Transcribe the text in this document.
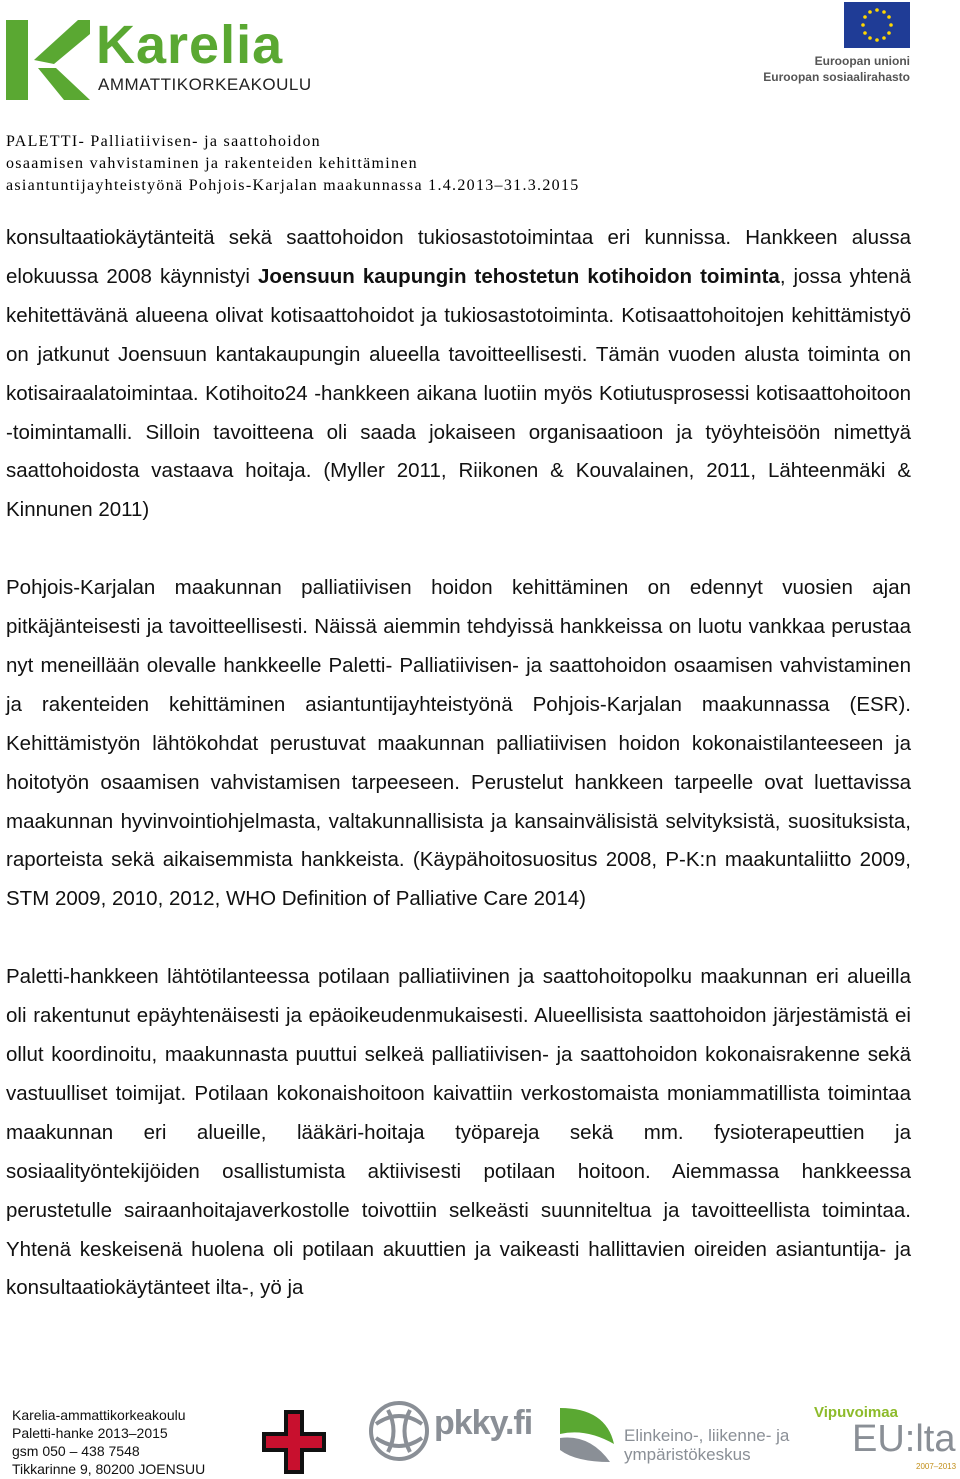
Karelia
AMMATTIKORKEAKOULU
Euroopan unioni
Euroopan sosiaalirahasto
PALETTI- Palliatiivisen- ja saattohoidon
osaamisen vahvistaminen ja rakenteiden kehittäminen
asiantuntijayhteistyönä Pohjois-Karjalan maakunnassa 1.4.2013–31.3.2015

konsultaatiokäytänteitä sekä saattohoidon tukiosastotoimintaa eri kunnissa. Hankkeen alussa elokuussa 2008 käynnistyi Joensuun kaupungin tehostetun kotihoidon toiminta, jossa yhtenä kehitettävänä alueena olivat kotisaattohoidot ja tukiosastotoiminta. Kotisaattohoitojen kehittämistyö on jatkunut Joensuun kantakaupungin alueella tavoitteellisesti. Tämän vuoden alusta toiminta on kotisairaalatoimintaa. Kotihoito24 -hankkeen aikana luotiin myös Kotiutusprosessi kotisaattohoitoon -toimintamalli. Silloin tavoitteena oli saada jokaiseen organisaatioon ja työyhteisöön nimettyä saattohoidosta vastaava hoitaja. (Myller 2011, Riikonen & Kouvalainen, 2011, Lähteenmäki & Kinnunen 2011)

Pohjois-Karjalan maakunnan palliatiivisen hoidon kehittäminen on edennyt vuosien ajan pitkäjänteisesti ja tavoitteellisesti. Näissä aiemmin tehdyissä hankkeissa on luotu vankkaa perustaa nyt meneillään olevalle hankkeelle Paletti- Palliatiivisen- ja saattohoidon osaamisen vahvistaminen ja rakenteiden kehittäminen asiantuntijayhteistyönä Pohjois-Karjalan maakunnassa (ESR). Kehittämistyön lähtökohdat perustuvat maakunnan palliatiivisen hoidon kokonaistilanteeseen ja hoitotyön osaamisen vahvistamisen tarpeeseen. Perustelut hankkeen tarpeelle ovat luettavissa maakunnan hyvinvointiohjelmasta, valtakunnallisista ja kansainvälisistä selvityksistä, suosituksista, raporteista sekä aikaisemmista hankkeista. (Käypähoitosuositus 2008, P-K:n maakuntaliitto 2009, STM 2009, 2010, 2012, WHO Definition of Palliative Care 2014)

Paletti-hankkeen lähtötilanteessa potilaan palliatiivinen ja saattohoitopolku maakunnan eri alueilla oli rakentunut epäyhtenäisesti ja epäoikeudenmukaisesti. Alueellisista saattohoidon järjestämistä ei ollut koordinoitu, maakunnasta puuttui selkeä palliatiivisen- ja saattohoidon kokonaisrakenne sekä vastuulliset toimijat. Potilaan kokonaishoitoon kaivattiin verkostomaista moniammatillista toimintaa maakunnan eri alueille, lääkäri-hoitaja työpareja sekä mm. fysioterapeuttien ja sosiaalityöntekijöiden osallistumista aktiivisesti potilaan hoitoon. Aiemmassa hankkeessa perustetulle sairaanhoitajaverkostolle toivottiin selkeästi suunniteltua ja tavoitteellista toimintaa. Yhtenä keskeisenä huolena oli potilaan akuuttien ja vaikeasti hallittavien oireiden asiantuntija- ja konsultaatiokäytänteet ilta-, yö ja

Karelia-ammattikorkeakoulu
Paletti-hanke 2013–2015
gsm 050 – 438 7548
Tikkarinne 9, 80200 JOENSUU
pkky.fi	Elinkeino-, liikenne- ja
ympäristökeskus
Vipuvoimaa
EU:lta
2007–2013
